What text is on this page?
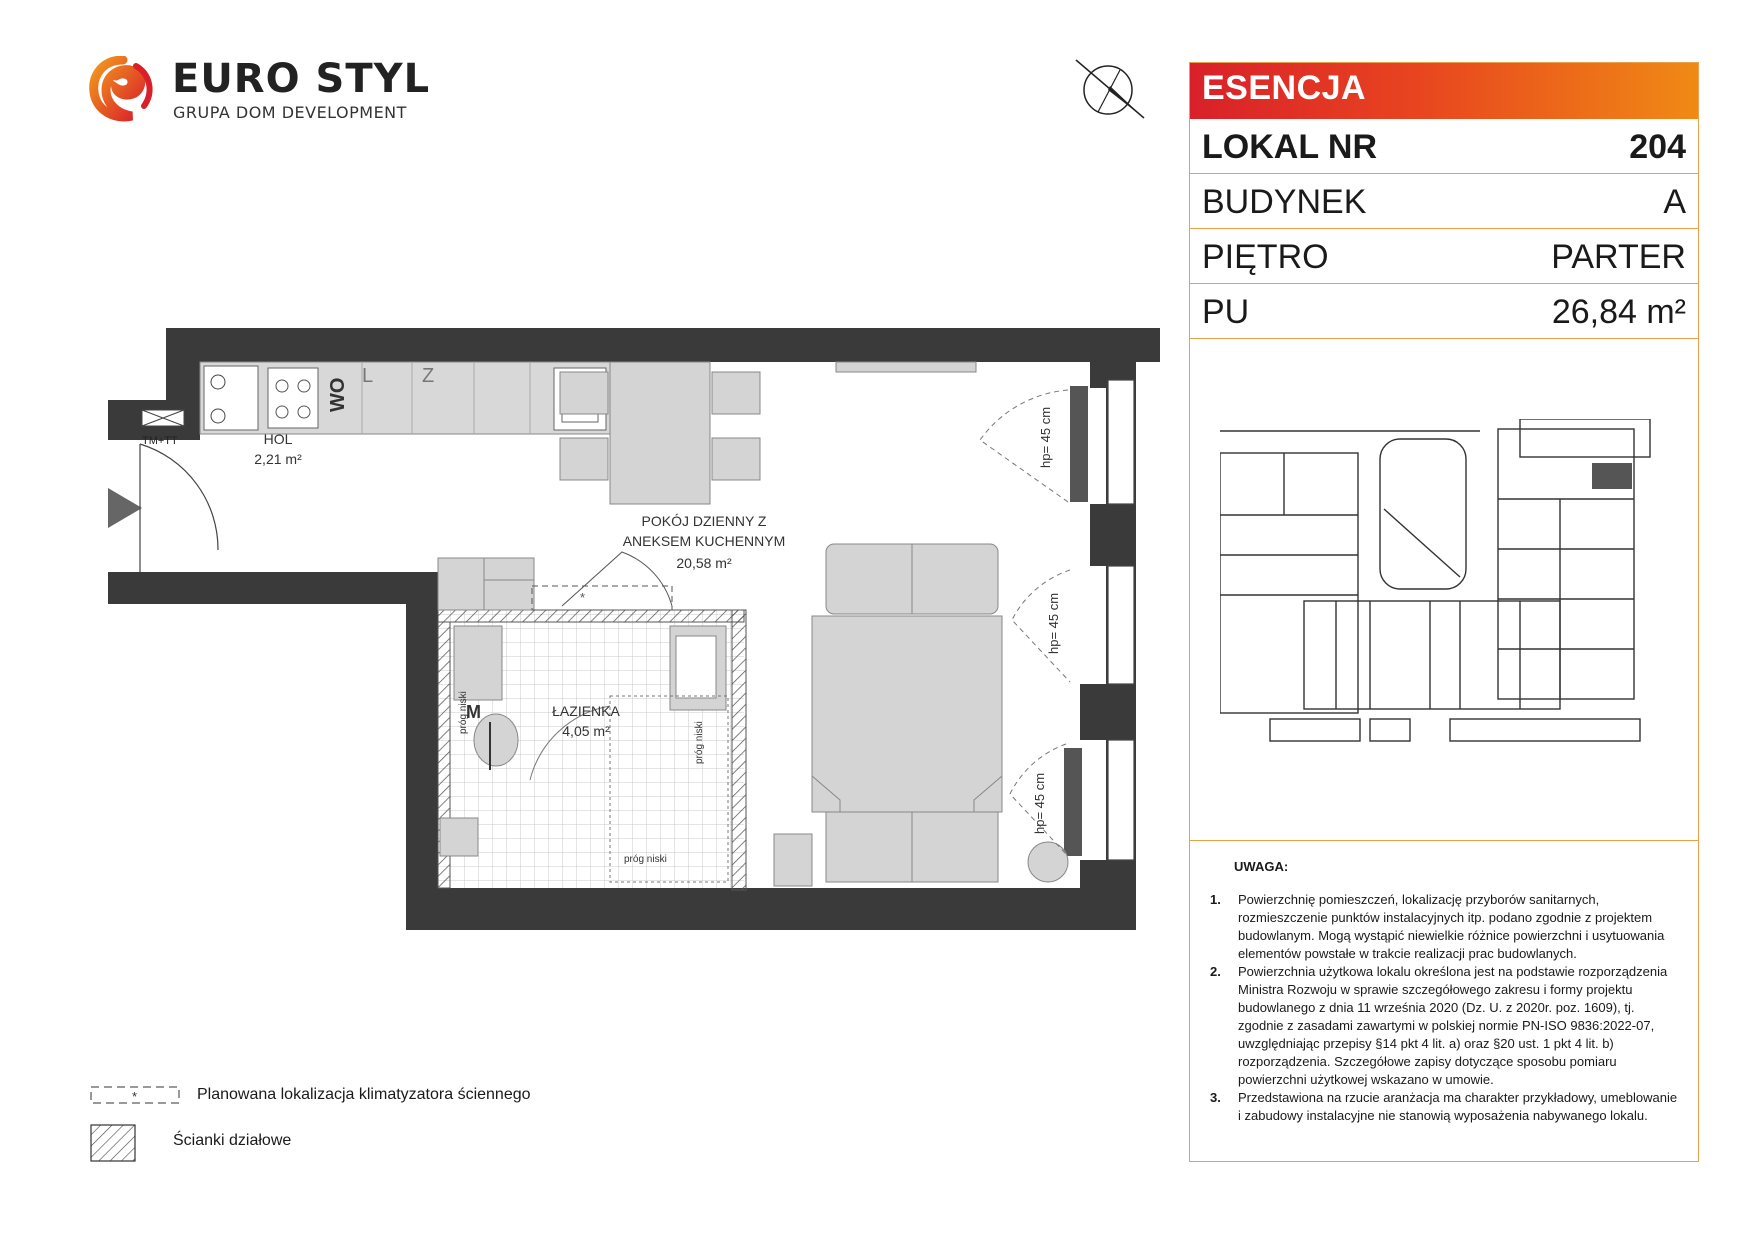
EURO STYL
GRUPA DOM DEVELOPMENT
TM+TT
WO
L Z
M
*
HOL
2,21 m²
POKÓJ DZIENNY Z
ANEKSEM KUCHENNYM
20,58 m²
ŁAZIENKA
4,05 m²
próg niski
próg niski
próg niski
hp= 45 cm
hp= 45 cm
hp= 45 cm
*	Planowana lokalizacja klimatyzatora ściennego
Ścianki działowe
ESENCJA
LOKAL NR	204
BUDYNEK	A
PIĘTRO	PARTER
PU	26,84 m²
UWAGA:
1. Powierzchnię pomieszczeń, lokalizację przyborów sanitarnych, rozmieszczenie punktów instalacyjnych itp. podano zgodnie z projektem budowlanym. Mogą wystąpić niewielkie różnice powierzchni i usytuowania elementów powstałe w trakcie realizacji prac budowlanych.
2. Powierzchnia użytkowa lokalu określona jest na podstawie rozporządzenia Ministra Rozwoju w sprawie szczegółowego zakresu i formy projektu budowlanego z dnia 11 września 2020 (Dz. U. z 2020r. poz. 1609), tj. zgodnie z zasadami zawartymi w polskiej normie PN-ISO 9836:2022-07, uwzględniając przepisy §14 pkt 4 lit. a) oraz §20 ust. 1 pkt 4 lit. b) rozporządzenia. Szczegółowe zapisy dotyczące sposobu pomiaru powierzchni użytkowej wskazano w umowie.
3. Przedstawiona na rzucie aranżacja ma charakter przykładowy, umeblowanie i zabudowy instalacyjne nie stanowią wyposażenia nabywanego lokalu.
